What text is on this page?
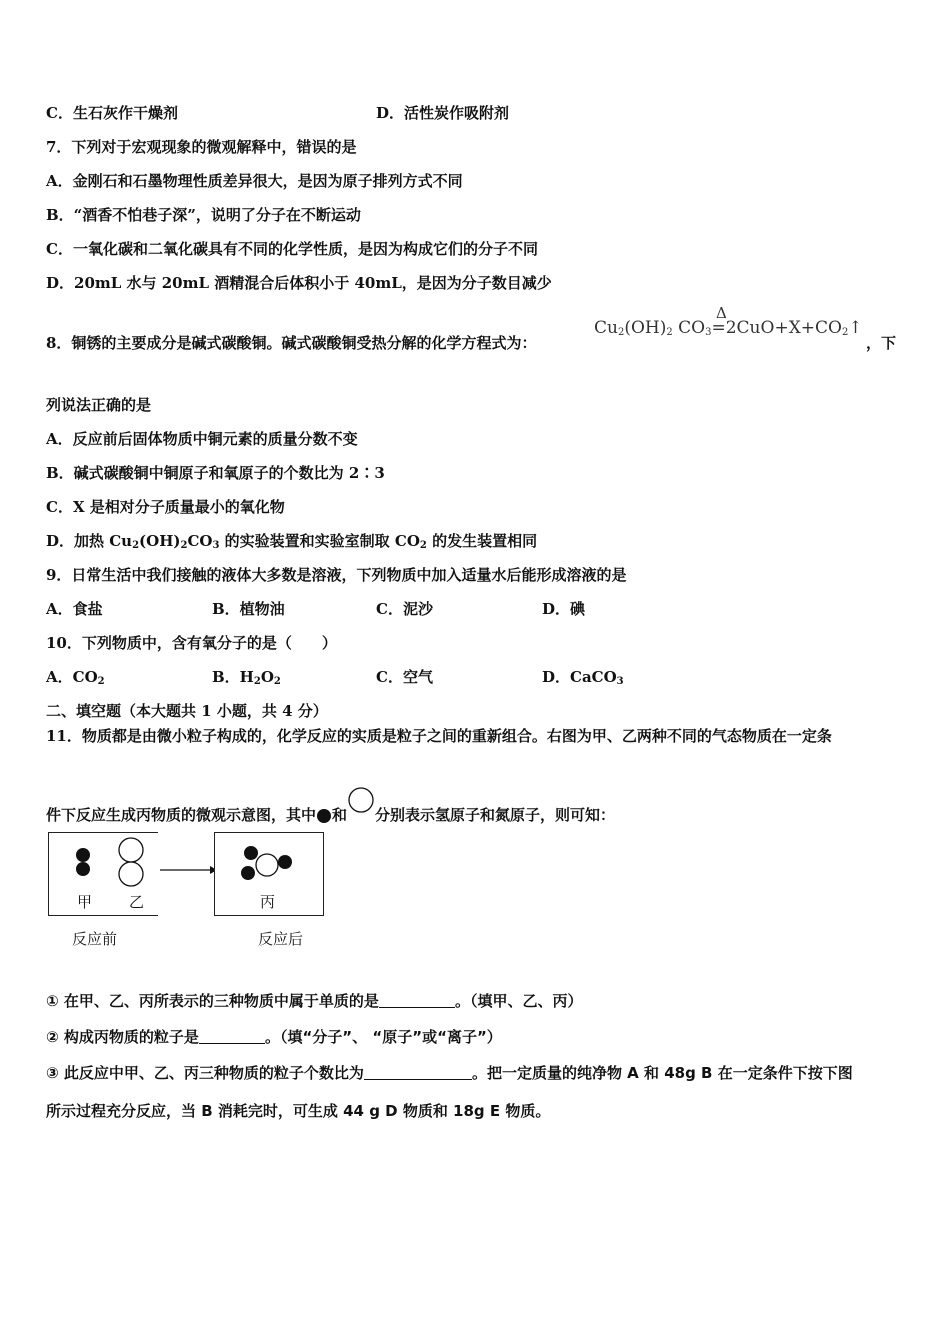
C．生石灰作干燥剂	D．活性炭作吸附剂
7．下列对于宏观现象的微观解释中，错误的是
A．金刚石和石墨物理性质差异很大，是因为原子排列方式不同
B．“酒香不怕巷子深”，说明了分子在不断运动
C．一氧化碳和二氧化碳具有不同的化学性质，是因为构成它们的分子不同
D．20mL 水与 20mL 酒精混合后体积小于 40mL，是因为分子数目减少
8．铜锈的主要成分是碱式碳酸铜。碱式碳酸铜受热分解的化学方程式为：
Δ
$Cu_2(OH)_2$ $CO_3=2CuO+X+CO_2↑$
，下
列说法正确的是
A．反应前后固体物质中铜元素的质量分数不变
B．碱式碳酸铜中铜原子和氧原子的个数比为 2∶3
C．X 是相对分子质量最小的氧化物
D．加热 $Cu_2(OH)_2CO_3$ 的实验装置和实验室制取 $CO_2$ 的发生装置相同
9．日常生活中我们接触的液体大多数是溶液，下列物质中加入适量水后能形成溶液的是
A．食盐	B．植物油	C．泥沙	D．碘
10．下列物质中，含有氧分子的是（　　）
A．$CO_2$	B．$H_2O_2$	C．空气	D．CaCO$_3$
二、填空题（本大题共 1 小题，共 4 分）
11．物质都是由微小粒子构成的，化学反应的实质是粒子之间的重新组合。右图为甲、乙两种不同的气态物质在一定条
件下反应生成丙物质的微观示意图，其中 和 分别表示氢原子和氮原子，则可知：
甲 乙	丙
反应前	反应后
① 在甲、乙、丙所表示的三种物质中属于单质的是	。（填甲、乙、丙）
② 构成丙物质的粒子是	。（填“分子”、 “原子”或“离子”）
③ 此反应中甲、乙、丙三种物质的粒子个数比为	。把一定质量的纯净物 A 和 48g B 在一定条件下按下图
所示过程充分反应，当 B 消耗完时，可生成 44 g D 物质和 18g E 物质。
